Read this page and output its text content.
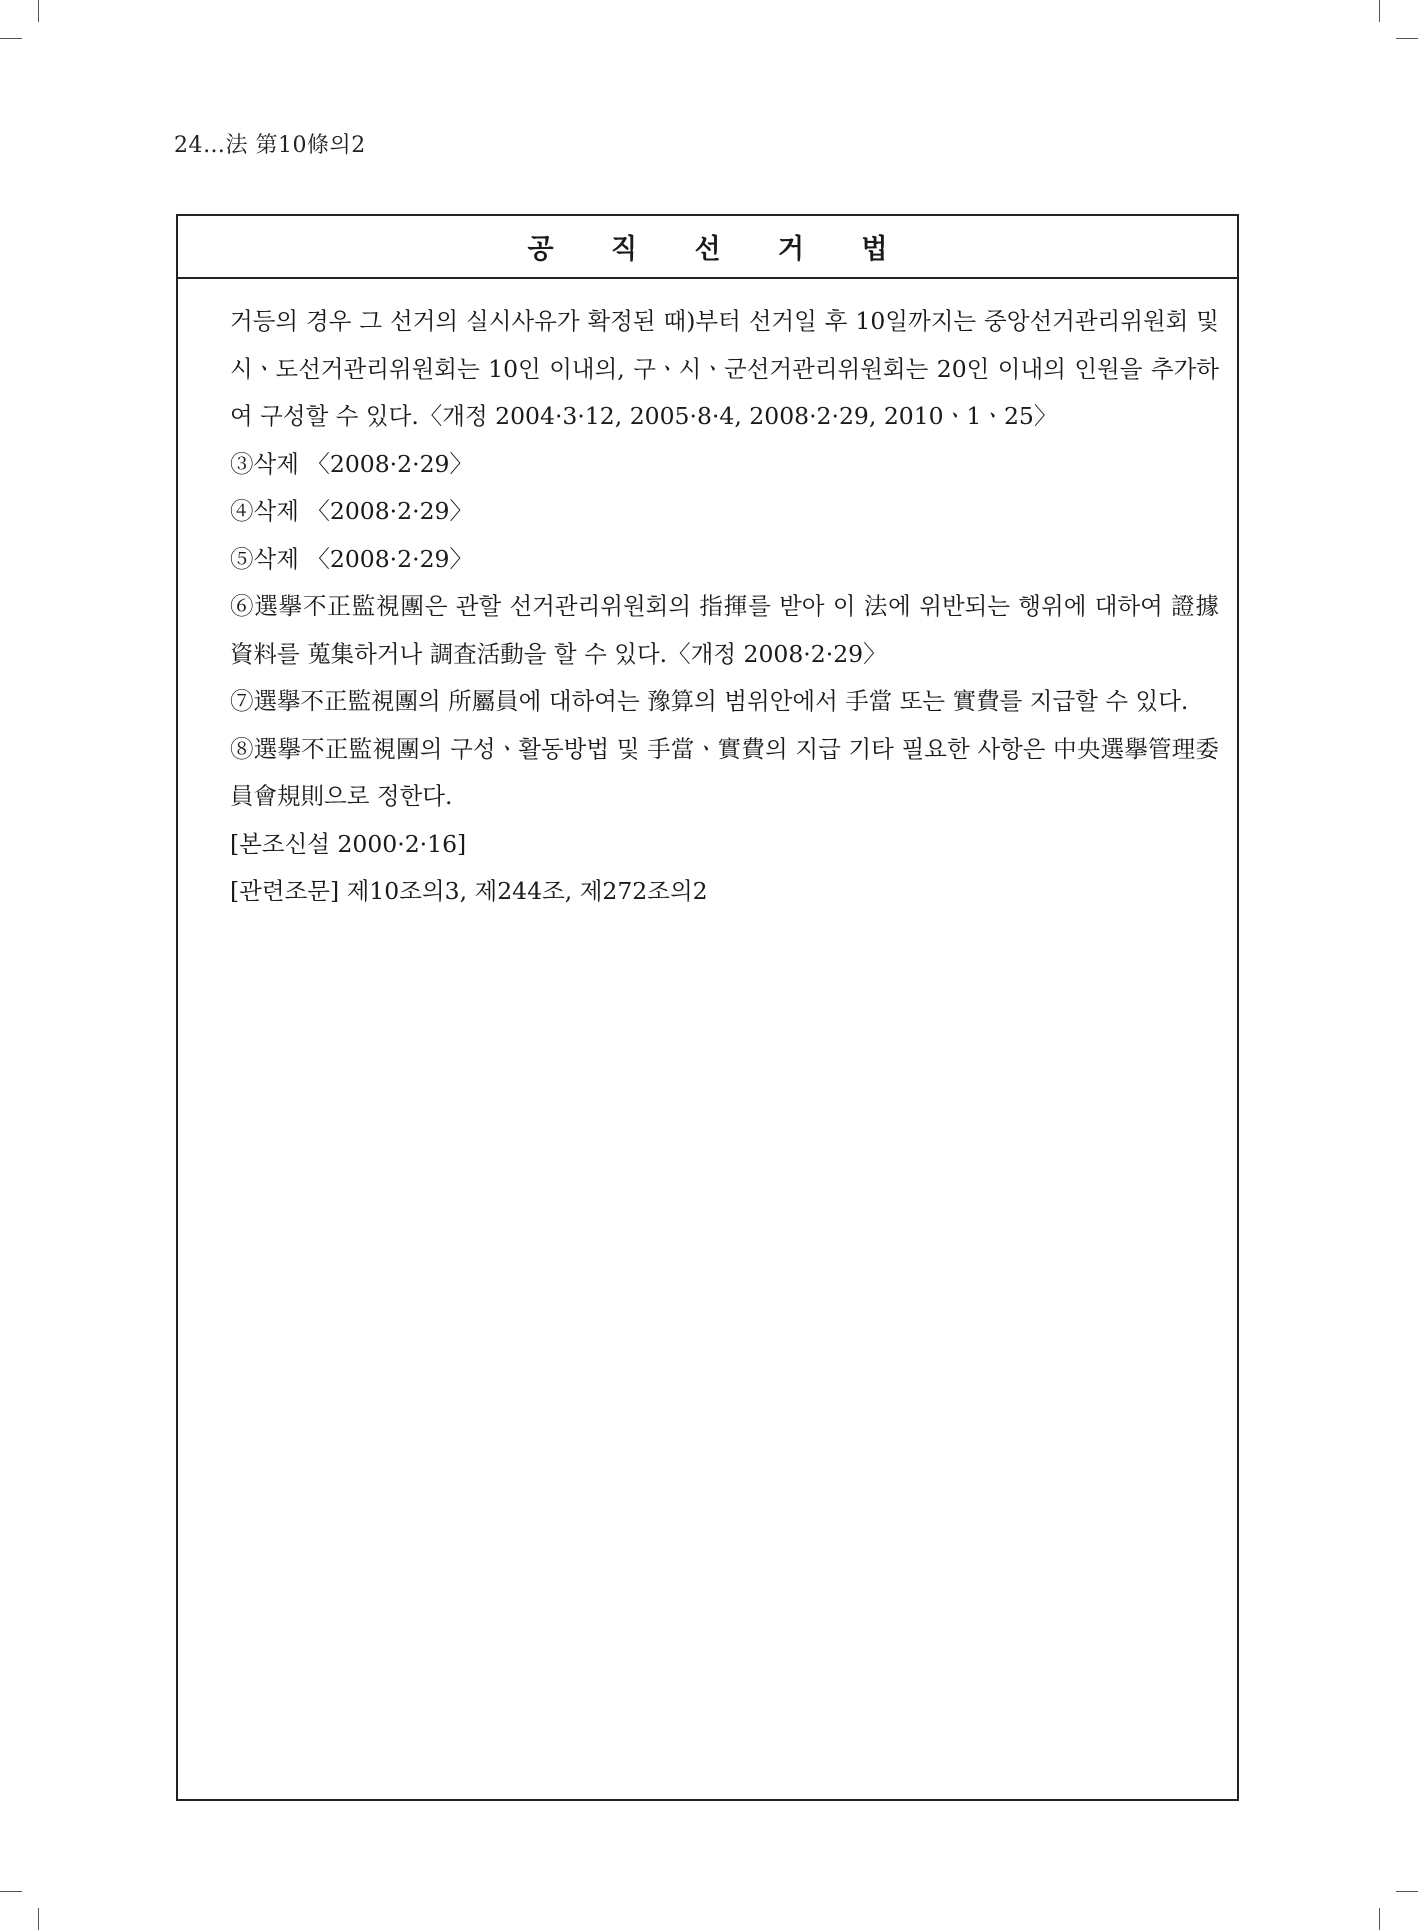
24…法 第10條의2
공 직 선 거 법

거등의 경우 그 선거의 실시사유가 확정된 때)부터 선거일 후 10일까지는 중앙선거관리위원회 및 시ㆍ도선거관리위원회는 10인 이내의, 구ㆍ시ㆍ군선거관리위원회는 20인 이내의 인원을 추가하여 구성할 수 있다.〈개정 2004·3·12, 2005·8·4, 2008·2·29, 2010ㆍ1ㆍ25〉

③삭제 〈2008·2·29〉

④삭제 〈2008·2·29〉

⑤삭제 〈2008·2·29〉

⑥選擧不正監視團은 관할 선거관리위원회의 指揮를 받아 이 法에 위반되는 행위에 대하여 證據資料를 蒐集하거나 調査活動을 할 수 있다.〈개정 2008·2·29〉

⑦選擧不正監視團의 所屬員에 대하여는 豫算의 범위안에서 手當 또는 實費를 지급할 수 있다.

⑧選擧不正監視團의 구성ㆍ활동방법 및 手當ㆍ實費의 지급 기타 필요한 사항은 中央選擧管理委員會規則으로 정한다.

[본조신설 2000·2·16]

[관련조문] 제10조의3, 제244조, 제272조의2
